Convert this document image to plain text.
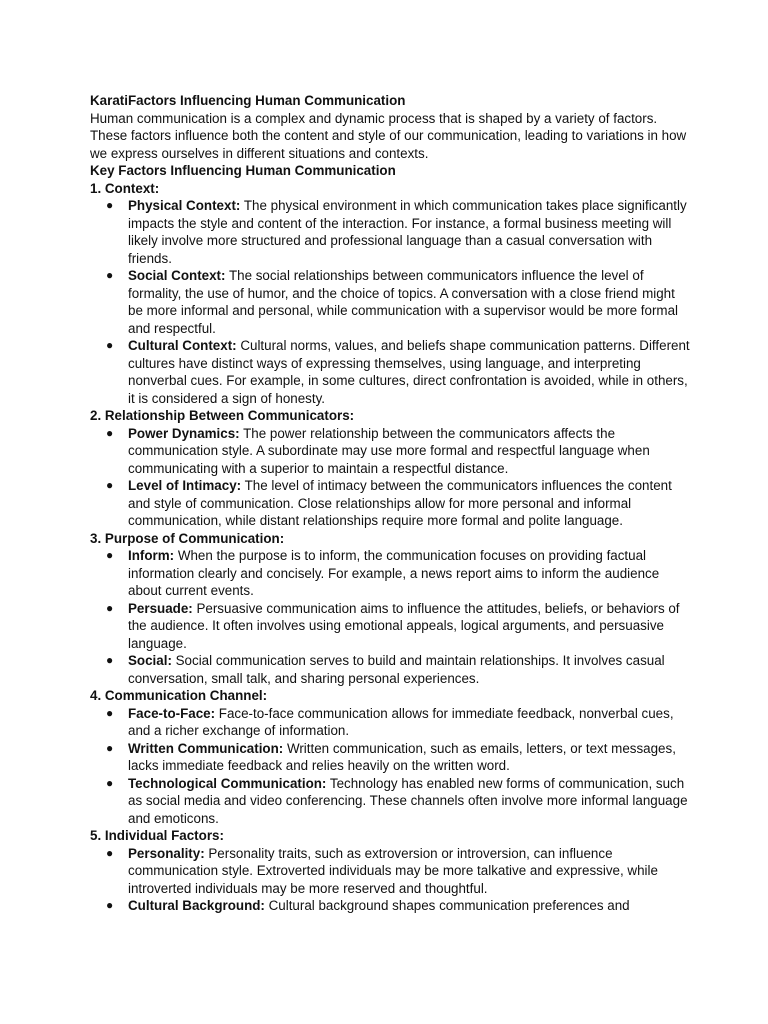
KaratiFactors Influencing Human Communication
Human communication is a complex and dynamic process that is shaped by a variety of factors. These factors influence both the content and style of our communication, leading to variations in how we express ourselves in different situations and contexts.
Key Factors Influencing Human Communication
1. Context:
● Physical Context: The physical environment in which communication takes place significantly impacts the style and content of the interaction. For instance, a formal business meeting will likely involve more structured and professional language than a casual conversation with friends.
● Social Context: The social relationships between communicators influence the level of formality, the use of humor, and the choice of topics. A conversation with a close friend might be more informal and personal, while communication with a supervisor would be more formal and respectful.
● Cultural Context: Cultural norms, values, and beliefs shape communication patterns. Different cultures have distinct ways of expressing themselves, using language, and interpreting nonverbal cues. For example, in some cultures, direct confrontation is avoided, while in others, it is considered a sign of honesty.
2. Relationship Between Communicators:
● Power Dynamics: The power relationship between the communicators affects the communication style. A subordinate may use more formal and respectful language when communicating with a superior to maintain a respectful distance.
● Level of Intimacy: The level of intimacy between the communicators influences the content and style of communication. Close relationships allow for more personal and informal communication, while distant relationships require more formal and polite language.
3. Purpose of Communication:
● Inform: When the purpose is to inform, the communication focuses on providing factual information clearly and concisely. For example, a news report aims to inform the audience about current events.
● Persuade: Persuasive communication aims to influence the attitudes, beliefs, or behaviors of the audience. It often involves using emotional appeals, logical arguments, and persuasive language.
● Social: Social communication serves to build and maintain relationships. It involves casual conversation, small talk, and sharing personal experiences.
4. Communication Channel:
● Face-to-Face: Face-to-face communication allows for immediate feedback, nonverbal cues, and a richer exchange of information.
● Written Communication: Written communication, such as emails, letters, or text messages, lacks immediate feedback and relies heavily on the written word.
● Technological Communication: Technology has enabled new forms of communication, such as social media and video conferencing. These channels often involve more informal language and emoticons.
5. Individual Factors:
● Personality: Personality traits, such as extroversion or introversion, can influence communication style. Extroverted individuals may be more talkative and expressive, while introverted individuals may be more reserved and thoughtful.
● Cultural Background: Cultural background shapes communication preferences and
